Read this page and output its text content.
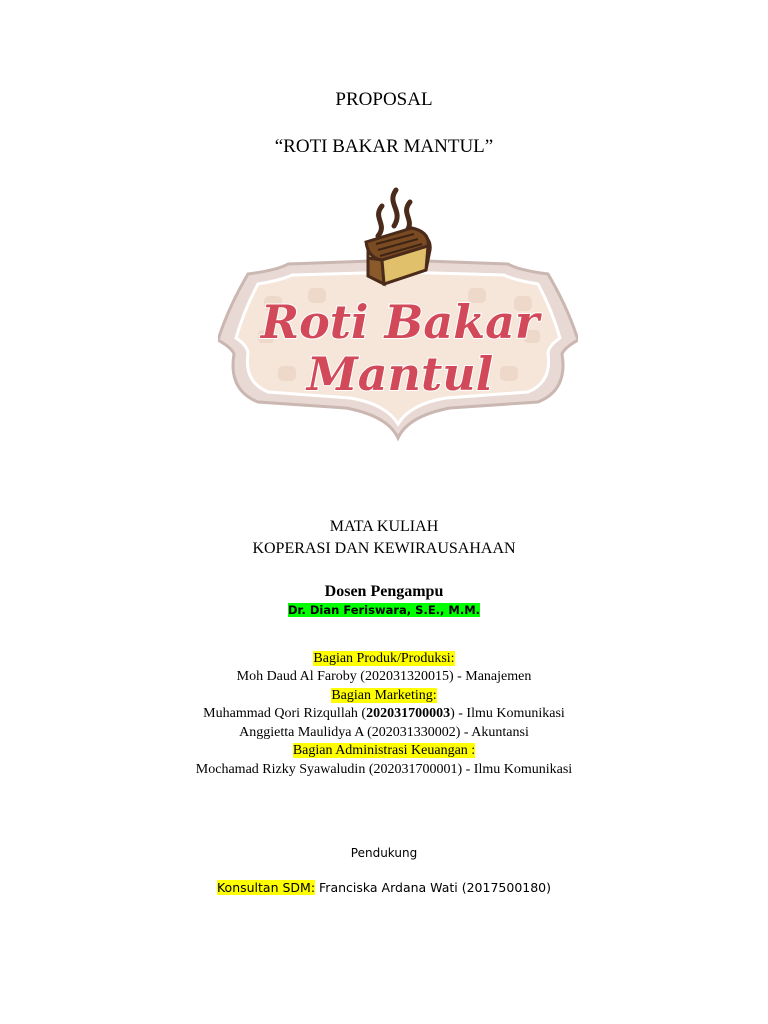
PROPOSAL
“ROTI BAKAR MANTUL”
Roti Bakar
Mantul
MATA KULIAH
KOPERASI DAN KEWIRAUSAHAAN
Dosen Pengampu
Dr. Dian Feriswara, S.E., M.M.
Bagian Produk/Produksi:
Moh Daud Al Faroby (202031320015) - Manajemen
Bagian Marketing:
Muhammad Qori Rizqullah (202031700003) - Ilmu Komunikasi
Anggietta Maulidya A (202031330002) - Akuntansi
Bagian Administrasi Keuangan :
Mochamad Rizky Syawaludin (202031700001) - Ilmu Komunikasi
Pendukung
Konsultan SDM: Franciska Ardana Wati (2017500180)
